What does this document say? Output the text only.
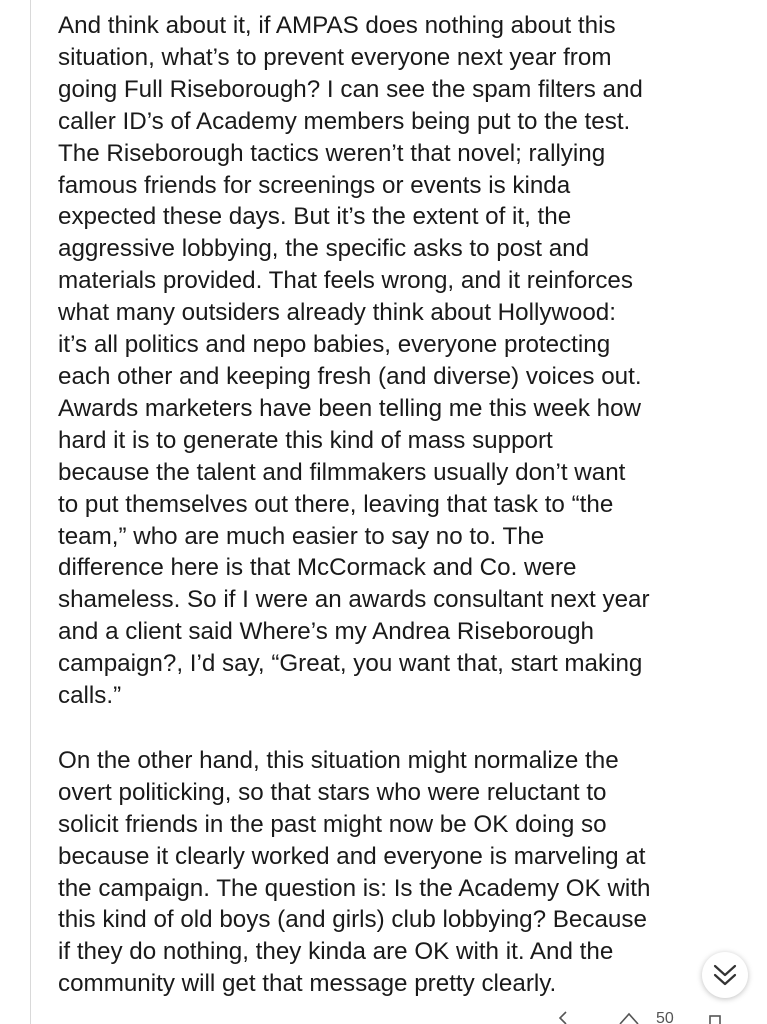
And think about it, if AMPAS does nothing about this
situation, what’s to prevent everyone next year from
going Full Riseborough? I can see the spam filters and
caller ID’s of Academy members being put to the test.
The Riseborough tactics weren’t that novel; rallying
famous friends for screenings or events is kinda
expected these days. But it’s the extent of it, the
aggressive lobbying, the specific asks to post and
materials provided. That feels wrong, and it reinforces
what many outsiders already think about Hollywood:
it’s all politics and nepo babies, everyone protecting
each other and keeping fresh (and diverse) voices out.
Awards marketers have been telling me this week how
hard it is to generate this kind of mass support
because the talent and filmmakers usually don’t want
to put themselves out there, leaving that task to “the
team,” who are much easier to say no to. The
difference here is that McCormack and Co. were
shameless. So if I were an awards consultant next year
and a client said Where’s my Andrea Riseborough
campaign?, I’d say, “Great, you want that, start making
calls.”

On the other hand, this situation might normalize the
overt politicking, so that stars who were reluctant to
solicit friends in the past might now be OK doing so
because it clearly worked and everyone is marveling at
the campaign. The question is: Is the Academy OK with
this kind of old boys (and girls) club lobbying? Because
if they do nothing, they kinda are OK with it. And the
community will get that message pretty clearly.

50
